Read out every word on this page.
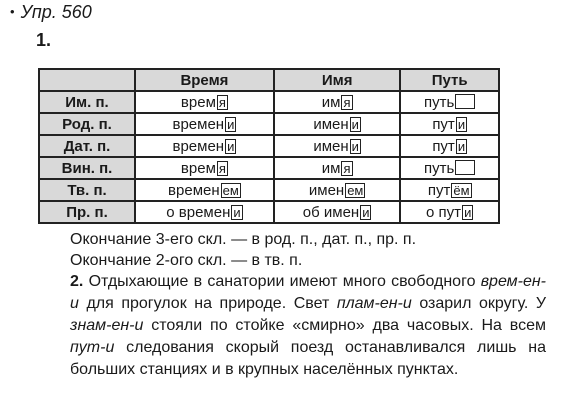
• Упр. 560
1.
	Время	Имя	Путь
Им. п.	врем я	им я	путь
Род. п.	времен и	имен и	пут и
Дат. п.	времен и	имен и	пут и
Вин. п.	врем я	им я	путь
Тв. п.	времен ем	имен ем	пут ём
Пр. п.	о времен и	об имен и	о пут и
Окончание 3-его скл. — в род. п., дат. п., пр. п.
Окончание 2-ого скл. — в тв. п.
2. Отдыхающие в санатории имеют много свободного врем-ен-и для прогулок на природе. Свет плам-ен-и озарил округу. У знам-ен-и стояли по стойке «смирно» два часовых. На всем пут-и следования скорый поезд останавливался лишь на больших станциях и в крупных населённых пунктах.
